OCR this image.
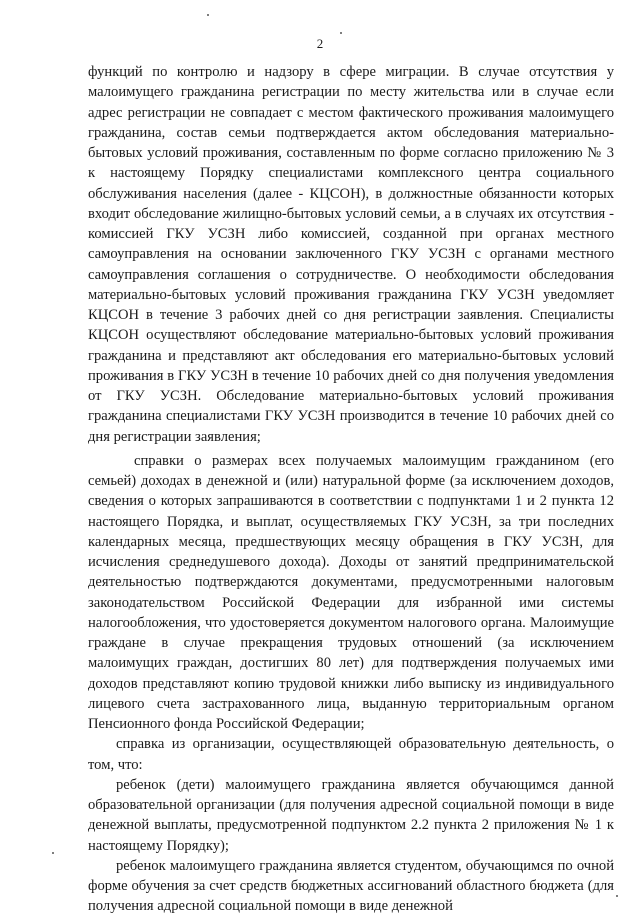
2

функций по контролю и надзору в сфере миграции. В случае отсутствия у малоимущего гражданина регистрации по месту жительства или в случае если адрес регистрации не совпадает с местом фактического проживания малоимущего гражданина, состав семьи подтверждается актом обследования материально-бытовых условий проживания, составленным по форме согласно приложению № 3 к настоящему Порядку специалистами комплексного центра социального обслуживания населения (далее - КЦСОН), в должностные обязанности которых входит обследование жилищно-бытовых условий семьи, а в случаях их отсутствия - комиссией ГКУ УСЗН либо комиссией, созданной при органах местного самоуправления на основании заключенного ГКУ УСЗН с органами местного самоуправления соглашения о сотрудничестве. О необходимости обследования материально-бытовых условий проживания гражданина ГКУ УСЗН уведомляет КЦСОН в течение 3 рабочих дней со дня регистрации заявления. Специалисты КЦСОН осуществляют обследование материально-бытовых условий проживания гражданина и представляют акт обследования его материально-бытовых условий проживания в ГКУ УСЗН в течение 10 рабочих дней со дня получения уведомления от ГКУ УСЗН. Обследование материально-бытовых условий проживания гражданина специалистами ГКУ УСЗН производится в течение 10 рабочих дней со дня регистрации заявления;

справки о размерах всех получаемых малоимущим гражданином (его семьей) доходах в денежной и (или) натуральной форме (за исключением доходов, сведения о которых запрашиваются в соответствии с подпунктами 1 и 2 пункта 12 настоящего Порядка, и выплат, осуществляемых ГКУ УСЗН, за три последних календарных месяца, предшествующих месяцу обращения в ГКУ УСЗН, для исчисления среднедушевого дохода). Доходы от занятий предпринимательской деятельностью подтверждаются документами, предусмотренными налоговым законодательством Российской Федерации для избранной ими системы налогообложения, что удостоверяется документом налогового органа. Малоимущие граждане в случае прекращения трудовых отношений (за исключением малоимущих граждан, достигших 80 лет) для подтверждения получаемых ими доходов представляют копию трудовой книжки либо выписку из индивидуального лицевого счета застрахованного лица, выданную территориальным органом Пенсионного фонда Российской Федерации;

справка из организации, осуществляющей образовательную деятельность, о том, что:

ребенок (дети) малоимущего гражданина является обучающимся данной образовательной организации (для получения адресной социальной помощи в виде денежной выплаты, предусмотренной подпунктом 2.2 пункта 2 приложения № 1 к настоящему Порядку);

ребенок малоимущего гражданина является студентом, обучающимся по очной форме обучения за счет средств бюджетных ассигнований областного бюджета (для получения адресной социальной помощи в виде денежной
